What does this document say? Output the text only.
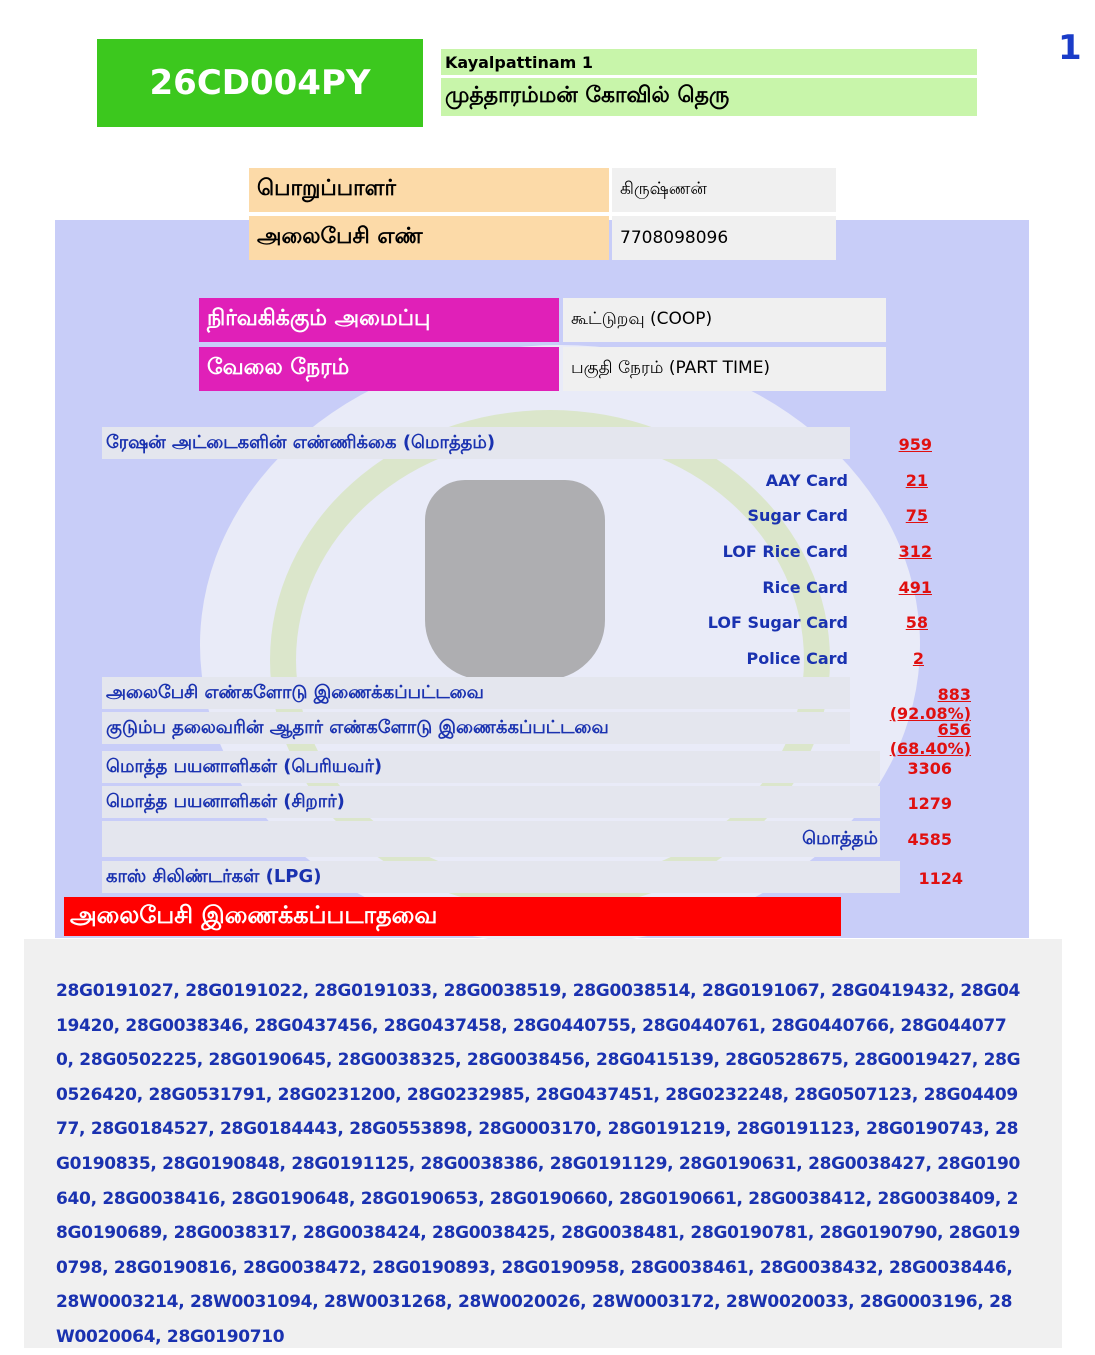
26CD004PY
1
Kayalpattinam 1
முத்தாரம்மன் கோவில் தெரு
பொறுப்பாளர்	கிருஷ்ணன்
அலைபேசி எண்	7708098096
நிர்வகிக்கும் அமைப்பு	கூட்டுறவு (COOP)
வேலை நேரம்	பகுதி நேரம் (PART TIME)
ரேஷன் அட்டைகளின் எண்ணிக்கை (மொத்தம்)	959
AAY Card	21
Sugar Card	75
LOF Rice Card	312
Rice Card	491
LOF Sugar Card	58
Police Card	2
அலைபேசி எண்களோடு இணைக்கப்பட்டவை	883 (92.08%)
குடும்ப தலைவரின் ஆதார் எண்களோடு இணைக்கப்பட்டவை	656 (68.40%)
மொத்த பயனாளிகள் (பெரியவர்)	3306
மொத்த பயனாளிகள் (சிறார்)	1279
மொத்தம்	4585
காஸ் சிலிண்டர்கள் (LPG)	1124
அலைபேசி இணைக்கப்படாதவை
28G0191027, 28G0191022, 28G0191033, 28G0038519, 28G0038514, 28G0191067, 28G0419432, 28G0419420, 28G0038346, 28G0437456, 28G0437458, 28G0440755, 28G0440761, 28G0440766, 28G0440770, 28G0502225, 28G0190645, 28G0038325, 28G0038456, 28G0415139, 28G0528675, 28G0019427, 28G0526420, 28G0531791, 28G0231200, 28G0232985, 28G0437451, 28G0232248, 28G0507123, 28G0440977, 28G0184527, 28G0184443, 28G0553898, 28G0003170, 28G0191219, 28G0191123, 28G0190743, 28G0190835, 28G0190848, 28G0191125, 28G0038386, 28G0191129, 28G0190631, 28G0038427, 28G0190640, 28G0038416, 28G0190648, 28G0190653, 28G0190660, 28G0190661, 28G0038412, 28G0038409, 28G0190689, 28G0038317, 28G0038424, 28G0038425, 28G0038481, 28G0190781, 28G0190790, 28G0190798, 28G0190816, 28G0038472, 28G0190893, 28G0190958, 28G0038461, 28G0038432, 28G0038446, 28W0003214, 28W0031094, 28W0031268, 28W0020026, 28W0003172, 28W0020033, 28G0003196, 28W0020064, 28G0190710
